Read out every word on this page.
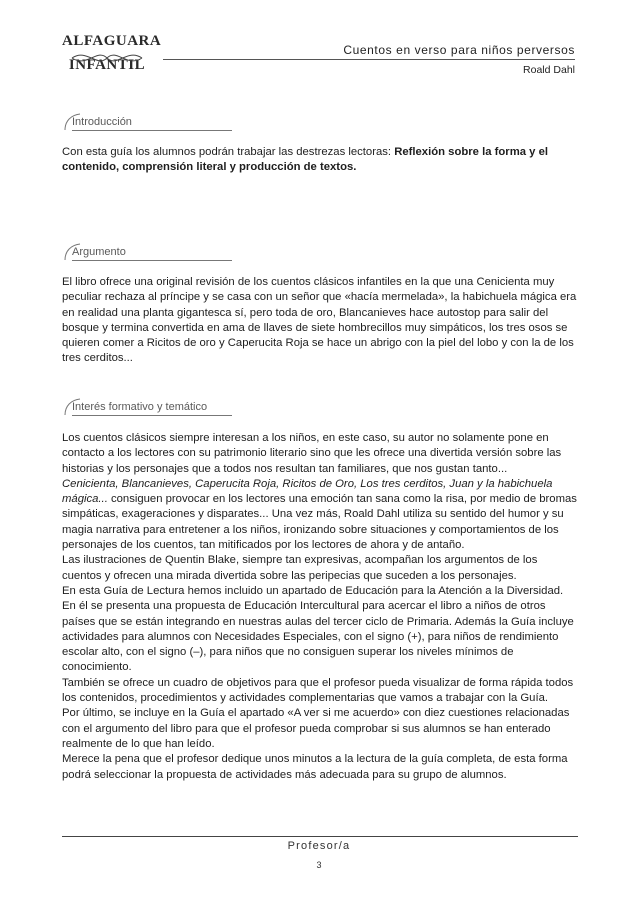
ALFAGUARA
INFANTIL
Cuentos en verso para niños perversos
Roald Dahl
Introducción

Con esta guía los alumnos podrán trabajar las destrezas lectoras: Reflexión sobre la forma y el contenido, comprensión literal y producción de textos.

Argumento

El libro ofrece una original revisión de los cuentos clásicos infantiles en la que una Cenicienta muy peculiar rechaza al príncipe y se casa con un señor que «hacía mermelada», la habichuela mágica era en realidad una planta gigantesca sí, pero toda de oro, Blancanieves hace autostop para salir del bosque y termina convertida en ama de llaves de siete hombrecillos muy simpáticos, los tres osos se quieren comer a Ricitos de oro y Caperucita Roja se hace un abrigo con la piel del lobo y con la de los tres cerditos...

Interés formativo y temático

Los cuentos clásicos siempre interesan a los niños, en este caso, su autor no solamente pone en contacto a los lectores con su patrimonio literario sino que les ofrece una divertida versión sobre las historias y los personajes que a todos nos resultan tan familiares, que nos gustan tanto...

Cenicienta, Blancanieves, Caperucita Roja, Ricitos de Oro, Los tres cerditos, Juan y la habichuela mágica... consiguen provocar en los lectores una emoción tan sana como la risa, por medio de bromas simpáticas, exageraciones y disparates... Una vez más, Roald Dahl utiliza su sentido del humor y su magia narrativa para entretener a los niños, ironizando sobre situaciones y comportamientos de los personajes de los cuentos, tan mitificados por los lectores de ahora y de antaño.

Las ilustraciones de Quentin Blake, siempre tan expresivas, acompañan los argumentos de los cuentos y ofrecen una mirada divertida sobre las peripecias que suceden a los personajes.

En esta Guía de Lectura hemos incluido un apartado de Educación para la Atención a la Diversidad. En él se presenta una propuesta de Educación Intercultural para acercar el libro a niños de otros países que se están integrando en nuestras aulas del tercer ciclo de Primaria. Además la Guía incluye actividades para alumnos con Necesidades Especiales, con el signo (+), para niños de rendimiento escolar alto, con el signo (–), para niños que no consiguen superar los niveles mínimos de conocimiento.

También se ofrece un cuadro de objetivos para que el profesor pueda visualizar de forma rápida todos los contenidos, procedimientos y actividades complementarias que vamos a trabajar con la Guía.

Por último, se incluye en la Guía el apartado «A ver si me acuerdo» con diez cuestiones relacionadas con el argumento del libro para que el profesor pueda comprobar si sus alumnos se han enterado realmente de lo que han leído.

Merece la pena que el profesor dedique unos minutos a la lectura de la guía completa, de esta forma podrá seleccionar la propuesta de actividades más adecuada para su grupo de alumnos.

Profesor/a
3
